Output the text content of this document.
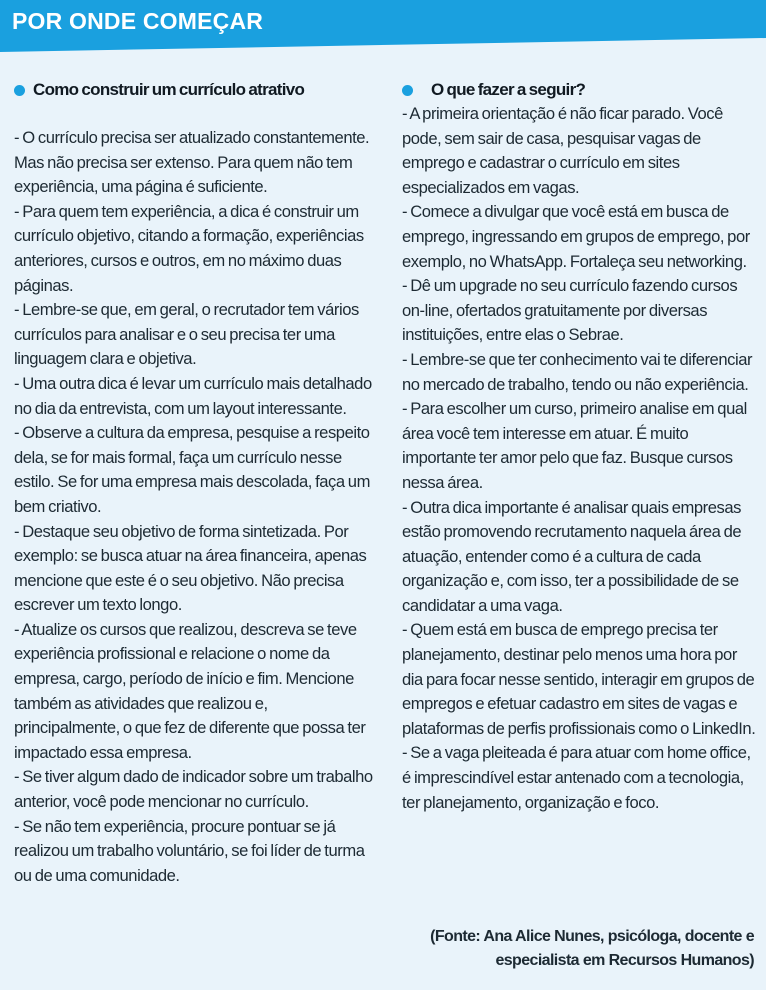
POR ONDE COMEÇAR
Como construir um currículo atrativo

- O currículo precisa ser atualizado constantemente. Mas não precisa ser extenso. Para quem não tem experiência, uma página é suficiente.

- Para quem tem experiência, a dica é construir um currículo objetivo, citando a formação, experiências anteriores, cursos e outros, em no máximo duas páginas.

- Lembre-se que, em geral, o recrutador tem vários currículos para analisar e o seu precisa ter uma linguagem clara e objetiva.

- Uma outra dica é levar um currículo mais detalhado no dia da entrevista, com um layout interessante.

- Observe a cultura da empresa, pesquise a respeito dela, se for mais formal, faça um currículo nesse estilo. Se for uma empresa mais descolada, faça um bem criativo.

- Destaque seu objetivo de forma sintetizada. Por exemplo: se busca atuar na área financeira, apenas mencione que este é o seu objetivo. Não precisa escrever um texto longo.

- Atualize os cursos que realizou, descreva se teve experiência profissional e relacione o nome da empresa, cargo, período de início e fim. Mencione também as atividades que realizou e, principalmente, o que fez de diferente que possa ter impactado essa empresa.

- Se tiver algum dado de indicador sobre um trabalho anterior, você pode mencionar no currículo.

- Se não tem experiência, procure pontuar se já realizou um trabalho voluntário, se foi líder de turma ou de uma comunidade.

O que fazer a seguir?

- A primeira orientação é não ficar parado. Você pode, sem sair de casa, pesquisar vagas de emprego e cadastrar o currículo em sites especializados em vagas.

- Comece a divulgar que você está em busca de emprego, ingressando em grupos de emprego, por exemplo, no WhatsApp. Fortaleça seu networking.

- Dê um upgrade no seu currículo fazendo cursos on-line, ofertados gratuitamente por diversas instituições, entre elas o Sebrae.

- Lembre-se que ter conhecimento vai te diferenciar no mercado de trabalho, tendo ou não experiência.

- Para escolher um curso, primeiro analise em qual área você tem interesse em atuar. É muito importante ter amor pelo que faz. Busque cursos nessa área.

- Outra dica importante é analisar quais empresas estão promovendo recrutamento naquela área de atuação, entender como é a cultura de cada organização e, com isso, ter a possibilidade de se candidatar a uma vaga.

- Quem está em busca de emprego precisa ter planejamento, destinar pelo menos uma hora por dia para focar nesse sentido, interagir em grupos de empregos e efetuar cadastro em sites de vagas e plataformas de perfis profissionais como o LinkedIn.

- Se a vaga pleiteada é para atuar com home office, é imprescindível estar antenado com a tecnologia, ter planejamento, organização e foco.

(Fonte: Ana Alice Nunes, psicóloga, docente e especialista em Recursos Humanos)
